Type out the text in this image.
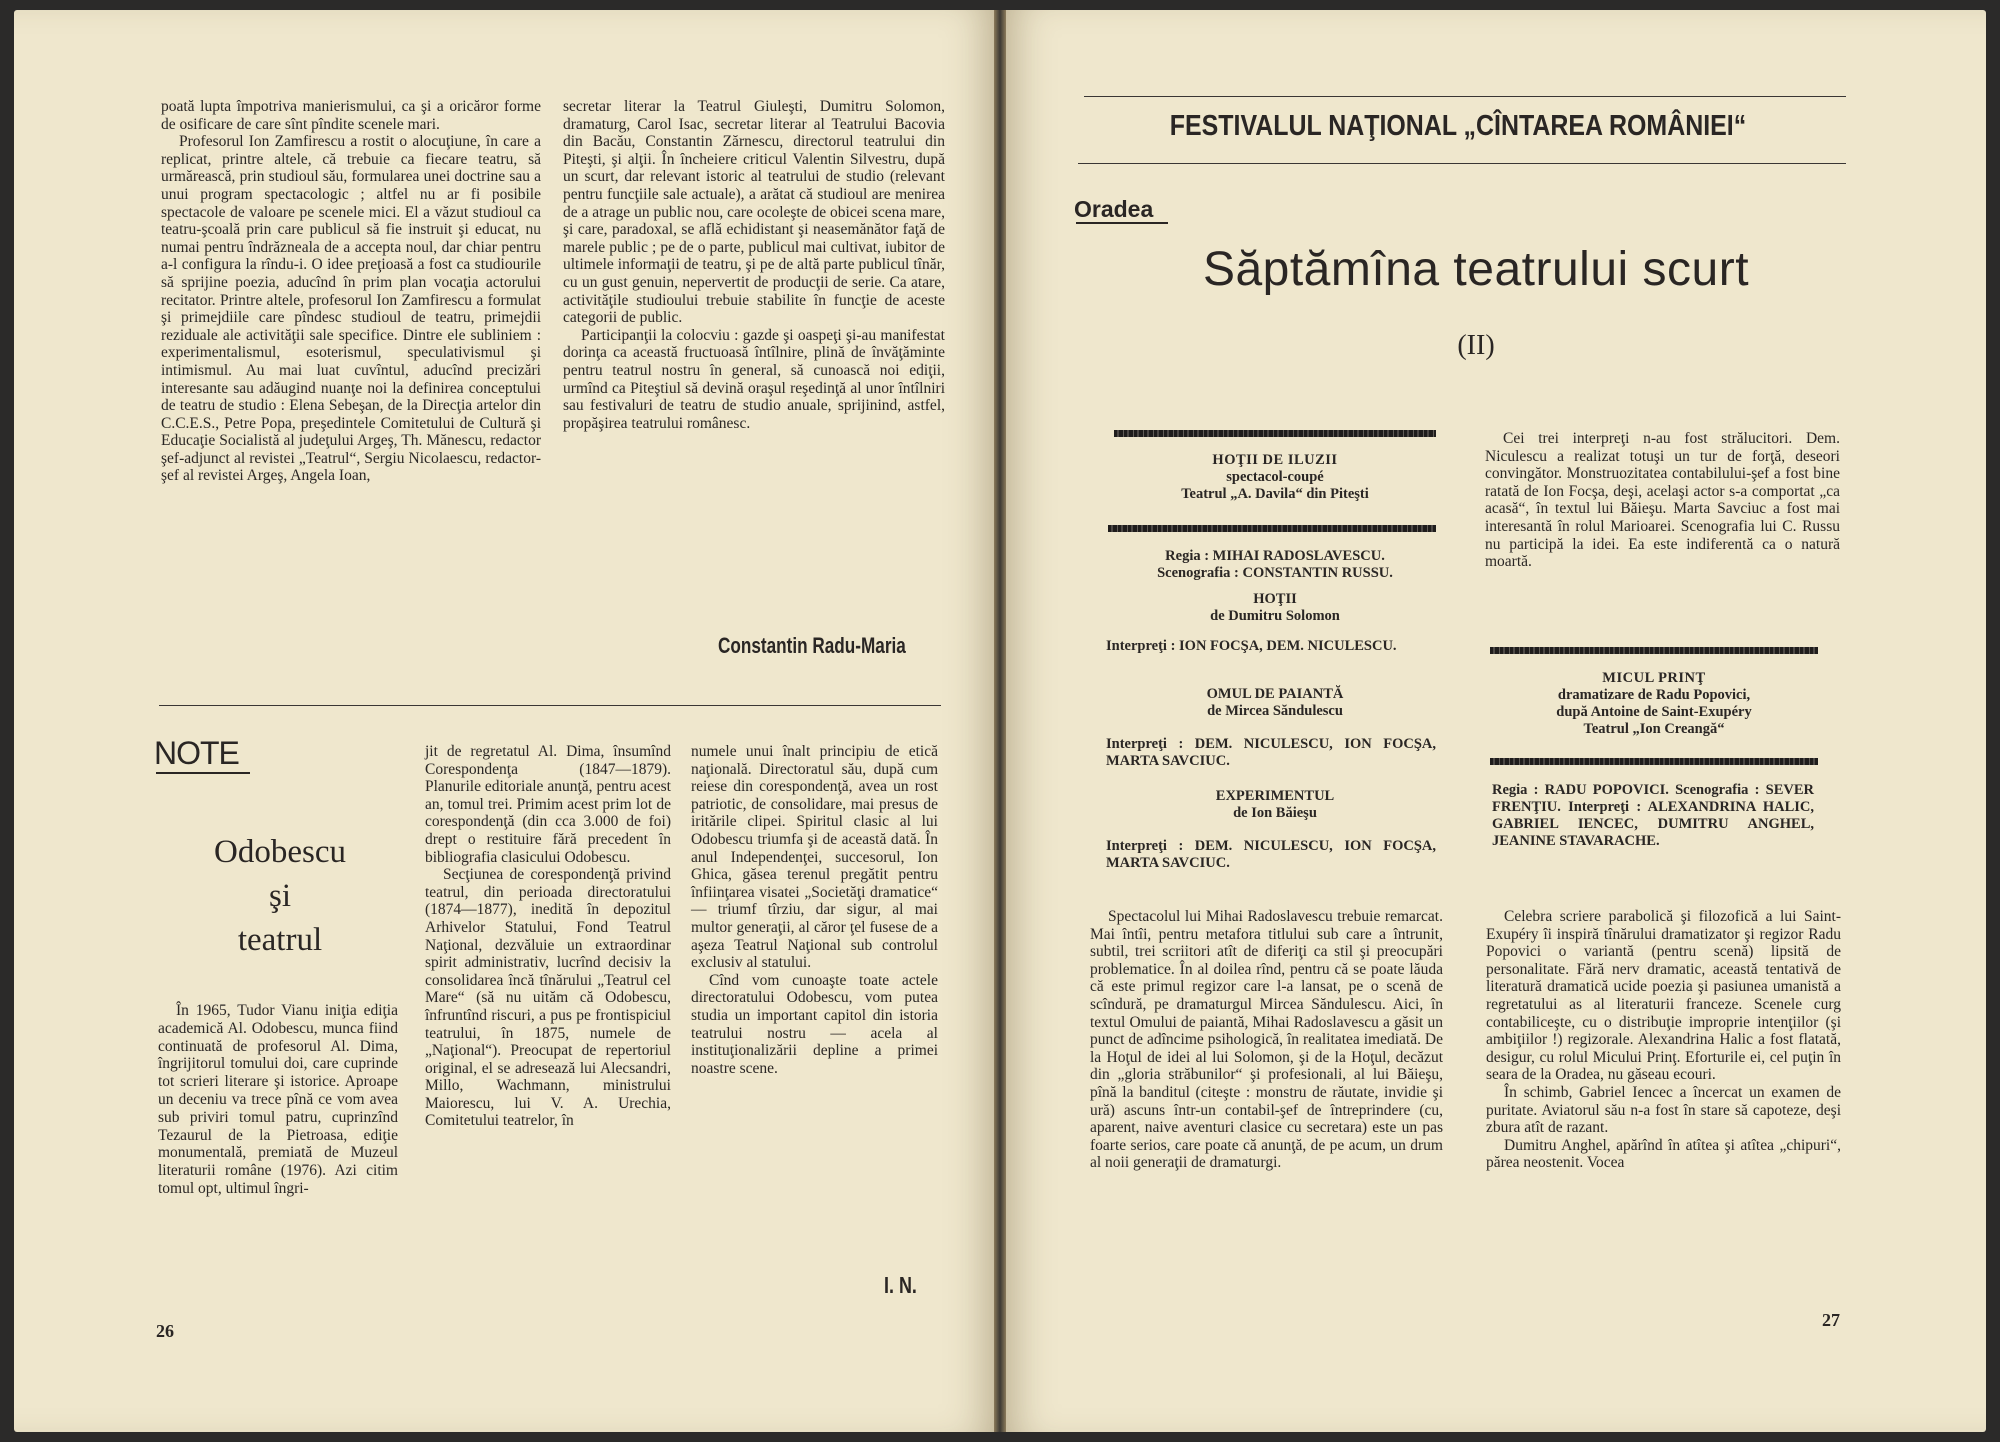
poată lupta împotriva manierismului, ca şi a oricăror forme de osificare de care sînt pîndite scenele mari.

Profesorul Ion Zamfirescu a rostit o alocuţiune, în care a replicat, printre altele, că trebuie ca fiecare teatru, să urmărească, prin studioul său, formularea unei doctrine sau a unui program spectacologic ; altfel nu ar fi posibile spectacole de valoare pe scenele mici. El a văzut studioul ca teatru-şcoală prin care publicul să fie instruit şi educat, nu numai pentru îndrăzneala de a accepta noul, dar chiar pentru a-l configura la rîndu-i. O idee preţioasă a fost ca studiourile să sprijine poezia, aducînd în prim plan vocaţia actorului recitator. Printre altele, profesorul Ion Zamfirescu a formulat şi primejdiile care pîndesc studioul de teatru, primejdii reziduale ale activităţii sale specifice. Dintre ele subliniem : experimentalismul, esoterismul, speculativismul şi intimismul. Au mai luat cuvîntul, aducînd precizări interesante sau adăugind nuanţe noi la definirea conceptului de teatru de studio : Elena Sebeşan, de la Direcţia artelor din C.C.E.S., Petre Popa, preşedintele Comitetului de Cultură şi Educaţie Socialistă al judeţului Argeş, Th. Mănescu, redactor şef-adjunct al revistei „Teatrul“, Sergiu Nicolaescu, redactor-şef al revistei Argeş, Angela Ioan,

secretar literar la Teatrul Giuleşti, Dumitru Solomon, dramaturg, Carol Isac, secretar literar al Teatrului Bacovia din Bacău, Constantin Zărnescu, directorul teatrului din Piteşti, şi alţii. În încheiere criticul Valentin Silvestru, după un scurt, dar relevant istoric al teatrului de studio (relevant pentru funcţiile sale actuale), a arătat că studioul are menirea de a atrage un public nou, care ocoleşte de obicei scena mare, şi care, paradoxal, se află echidistant şi neasemănător faţă de marele public ; pe de o parte, publicul mai cultivat, iubitor de ultimele informaţii de teatru, şi pe de altă parte publicul tînăr, cu un gust genuin, nepervertit de producţii de serie. Ca atare, activităţile studioului trebuie stabilite în funcţie de aceste categorii de public.

Participanţii la colocviu : gazde şi oaspeţi şi-au manifestat dorinţa ca această fructuoasă întîlnire, plină de învăţăminte pentru teatrul nostru în general, să cunoască noi ediţii, urmînd ca Piteştiul să devină oraşul reşedinţă al unor întîlniri sau festivaluri de teatru de studio anuale, sprijinind, astfel, propăşirea teatrului românesc.

Constantin Radu-Maria
NOTE
Odobescu
şi
teatrul

În 1965, Tudor Vianu iniţia ediţia academică Al. Odobescu, munca fiind continuată de profesorul Al. Dima, îngrijitorul tomului doi, care cuprinde tot scrieri literare şi istorice. Aproape un deceniu va trece pînă ce vom avea sub priviri tomul patru, cuprinzînd Tezaurul de la Pietroasa, ediţie monumentală, premiată de Muzeul literaturii române (1976). Azi citim tomul opt, ultimul îngri-

jit de regretatul Al. Dima, însumînd Corespondenţa (1847—1879). Planurile editoriale anunţă, pentru acest an, tomul trei. Primim acest prim lot de corespondenţă (din cca 3.000 de foi) drept o restituire fără precedent în bibliografia clasicului Odobescu.

Secţiunea de corespondenţă privind teatrul, din perioada directoratului (1874—1877), inedită în depozitul Arhivelor Statului, Fond Teatrul Naţional, dezvăluie un extraordinar spirit administrativ, lucrînd decisiv la consolidarea încă tînărului „Teatrul cel Mare“ (să nu uităm că Odobescu, înfruntînd riscuri, a pus pe frontispiciul teatrului, în 1875, numele de „Naţional“). Preocupat de repertoriul original, el se adresează lui Alecsandri, Millo, Wachmann, ministrului Maiorescu, lui V. A. Urechia, Comitetului teatrelor, în

numele unui înalt principiu de etică naţională. Directoratul său, după cum reiese din corespondenţă, avea un rost patriotic, de consolidare, mai presus de iritările clipei. Spiritul clasic al lui Odobescu triumfa şi de această dată. În anul Independenţei, succesorul, Ion Ghica, găsea terenul pregătit pentru înfiinţarea visatei „Societăţi dramatice“ — triumf tîrziu, dar sigur, al mai multor generaţii, al căror ţel fusese de a aşeza Teatrul Naţional sub controlul exclusiv al statului.

Cînd vom cunoaşte toate actele directoratului Odobescu, vom putea studia un important capitol din istoria teatrului nostru — acela al instituţionalizării depline a primei noastre scene.

I. N.
26
FESTIVALUL NAŢIONAL „CÎNTAREA ROMÂNIEI“
Oradea
Săptămîna teatrului scurt
(II)
HOŢII DE ILUZII
spectacol-coupé
Teatrul „A. Davila“ din Piteşti
Regia : MIHAI RADOSLAVESCU.
Scenografia : CONSTANTIN RUSSU.
HOŢII
de Dumitru Solomon
Interpreţi : ION FOCŞA, DEM. NICULESCU.
OMUL DE PAIANTĂ
de Mircea Săndulescu
Interpreţi : DEM. NICULESCU, ION FOCŞA, MARTA SAVCIUC.
EXPERIMENTUL
de Ion Băieşu
Interpreţi : DEM. NICULESCU, ION FOCŞA, MARTA SAVCIUC.

Spectacolul lui Mihai Radoslavescu trebuie remarcat. Mai întîi, pentru metafora titlului sub care a întrunit, subtil, trei scriitori atît de diferiţi ca stil şi preocupări problematice. În al doilea rînd, pentru că se poate lăuda că este primul regizor care l-a lansat, pe o scenă de scîndură, pe dramaturgul Mircea Săndulescu. Aici, în textul Omului de paiantă, Mihai Radoslavescu a găsit un punct de adîncime psihologică, în realitatea imediată. De la Hoţul de idei al lui Solomon, şi de la Hoţul, decăzut din „gloria străbunilor“ şi profesionali, al lui Băieşu, pînă la banditul (citeşte : monstru de răutate, invidie şi ură) ascuns într-un contabil-şef de întreprindere (cu, aparent, naive aventuri clasice cu secretara) este un pas foarte serios, care poate că anunţă, de pe acum, un drum al noii generaţii de dramaturgi.

Cei trei interpreţi n-au fost strălucitori. Dem. Niculescu a realizat totuşi un tur de forţă, deseori convingător. Monstruozitatea contabilului-şef a fost bine ratată de Ion Focşa, deşi, acelaşi actor s-a comportat „ca acasă“, în textul lui Băieşu. Marta Savciuc a fost mai interesantă în rolul Marioarei. Scenografia lui C. Russu nu participă la idei. Ea este indiferentă ca o natură moartă.

MICUL PRINŢ
dramatizare de Radu Popovici,
după Antoine de Saint-Exupéry
Teatrul „Ion Creangă“
Regia : RADU POPOVICI. Scenografia : SEVER FRENŢIU. Interpreţi : ALEXANDRINA HALIC, GABRIEL IENCEC, DUMITRU ANGHEL, JEANINE STAVARACHE.

Celebra scriere parabolică şi filozofică a lui Saint-Exupéry îi inspiră tînărului dramatizator şi regizor Radu Popovici o variantă (pentru scenă) lipsită de personalitate. Fără nerv dramatic, această tentativă de literatură dramatică ucide poezia şi pasiunea umanistă a regretatului as al literaturii franceze. Scenele curg contabiliceşte, cu o distribuţie improprie intenţiilor (şi ambiţiilor !) regizorale. Alexandrina Halic a fost flatată, desigur, cu rolul Micului Prinţ. Eforturile ei, cel puţin în seara de la Oradea, nu găseau ecouri.

În schimb, Gabriel Iencec a încercat un examen de puritate. Aviatorul său n-a fost în stare să capoteze, deşi zbura atît de razant.

Dumitru Anghel, apărînd în atîtea şi atîtea „chipuri“, părea neostenit. Vocea

27
